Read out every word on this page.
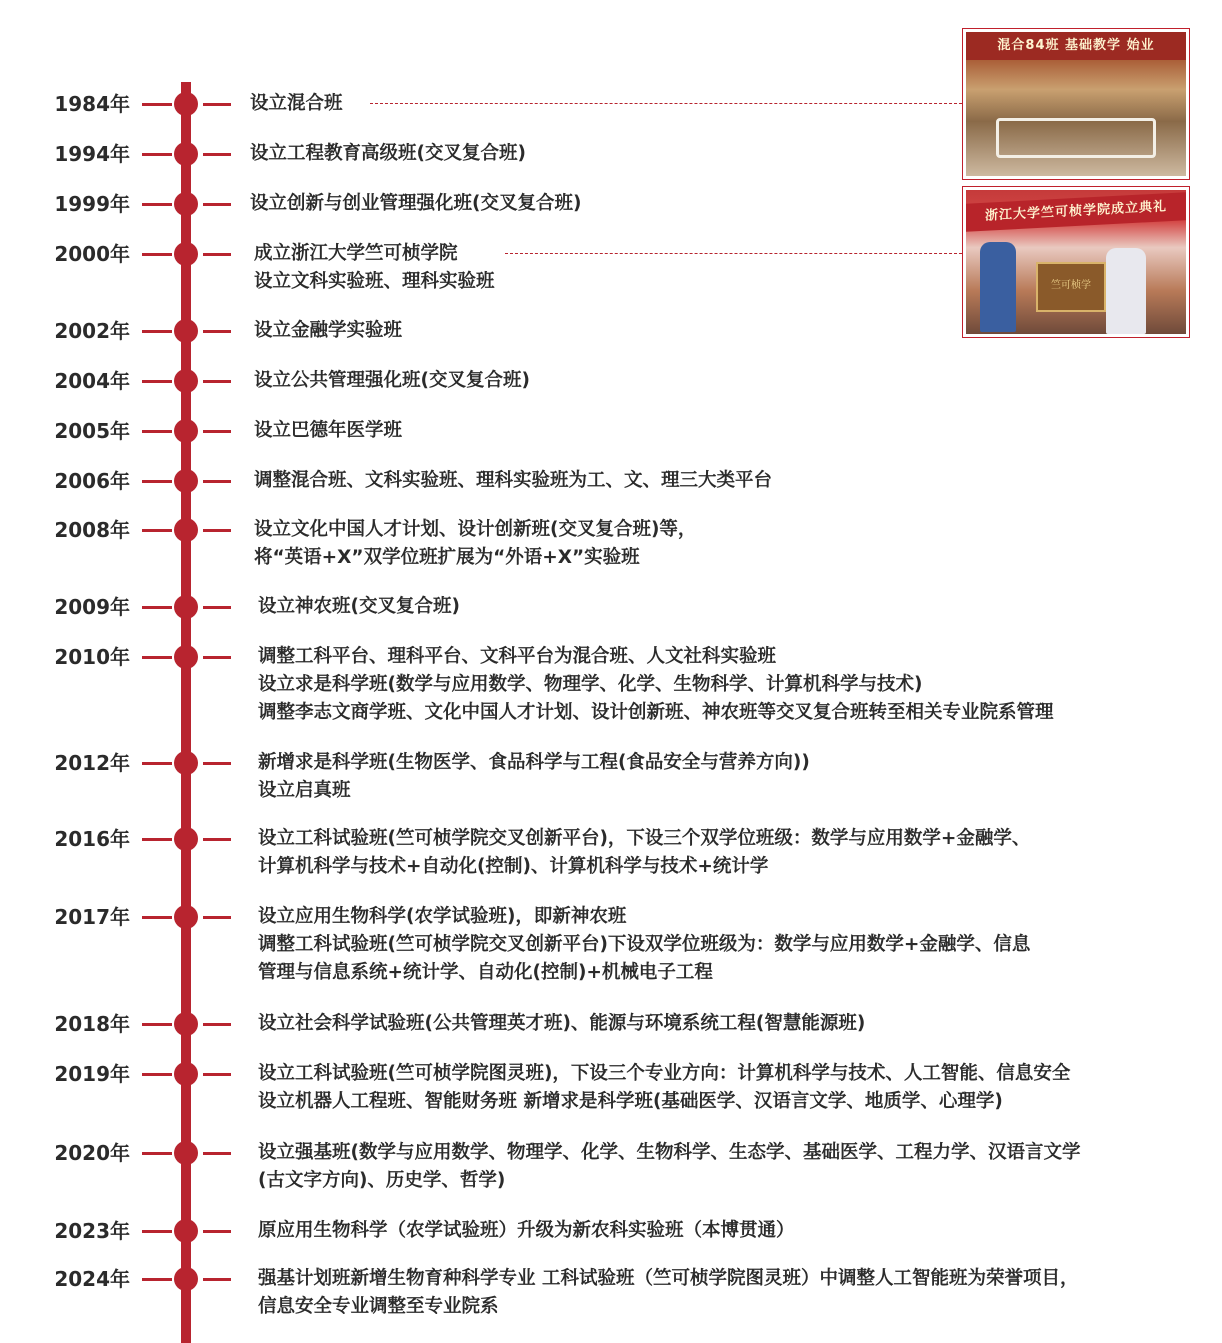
1984年	设立混合班
1994年	设立工程教育高级班(交叉复合班)
1999年	设立创新与创业管理强化班(交叉复合班)
2000年	成立浙江大学竺可桢学院
设立文科实验班、理科实验班
2002年	设立金融学实验班
2004年	设立公共管理强化班(交叉复合班)
2005年	设立巴德年医学班
2006年	调整混合班、文科实验班、理科实验班为工、文、理三大类平台
2008年	设立文化中国人才计划、设计创新班(交叉复合班)等，
将“英语+X”双学位班扩展为“外语+X”实验班
2009年	设立神农班(交叉复合班)
2010年	调整工科平台、理科平台、文科平台为混合班、人文社科实验班
设立求是科学班(数学与应用数学、物理学、化学、生物科学、计算机科学与技术)
调整李志文商学班、文化中国人才计划、设计创新班、神农班等交叉复合班转至相关专业院系管理
2012年	新增求是科学班(生物医学、食品科学与工程(食品安全与营养方向))
设立启真班
2016年	设立工科试验班(竺可桢学院交叉创新平台)，下设三个双学位班级：数学与应用数学+金融学、
计算机科学与技术+自动化(控制)、计算机科学与技术+统计学
2017年	设立应用生物科学(农学试验班)，即新神农班
调整工科试验班(竺可桢学院交叉创新平台)下设双学位班级为：数学与应用数学+金融学、信息
管理与信息系统+统计学、自动化(控制)+机械电子工程
2018年	设立社会科学试验班(公共管理英才班)、能源与环境系统工程(智慧能源班)
2019年	设立工科试验班(竺可桢学院图灵班)，下设三个专业方向：计算机科学与技术、人工智能、信息安全
设立机器人工程班、智能财务班 新增求是科学班(基础医学、汉语言文学、地质学、心理学)
2020年	设立强基班(数学与应用数学、物理学、化学、生物科学、生态学、基础医学、工程力学、汉语言文学
(古文字方向)、历史学、哲学)
2023年	原应用生物科学（农学试验班）升级为新农科实验班（本博贯通）
2024年	强基计划班新增生物育种科学专业 工科试验班（竺可桢学院图灵班）中调整人工智能班为荣誉项目，
信息安全专业调整至专业院系
混合84班 基础教学 始业
浙江大学竺可桢学院成立典礼
竺可桢学
